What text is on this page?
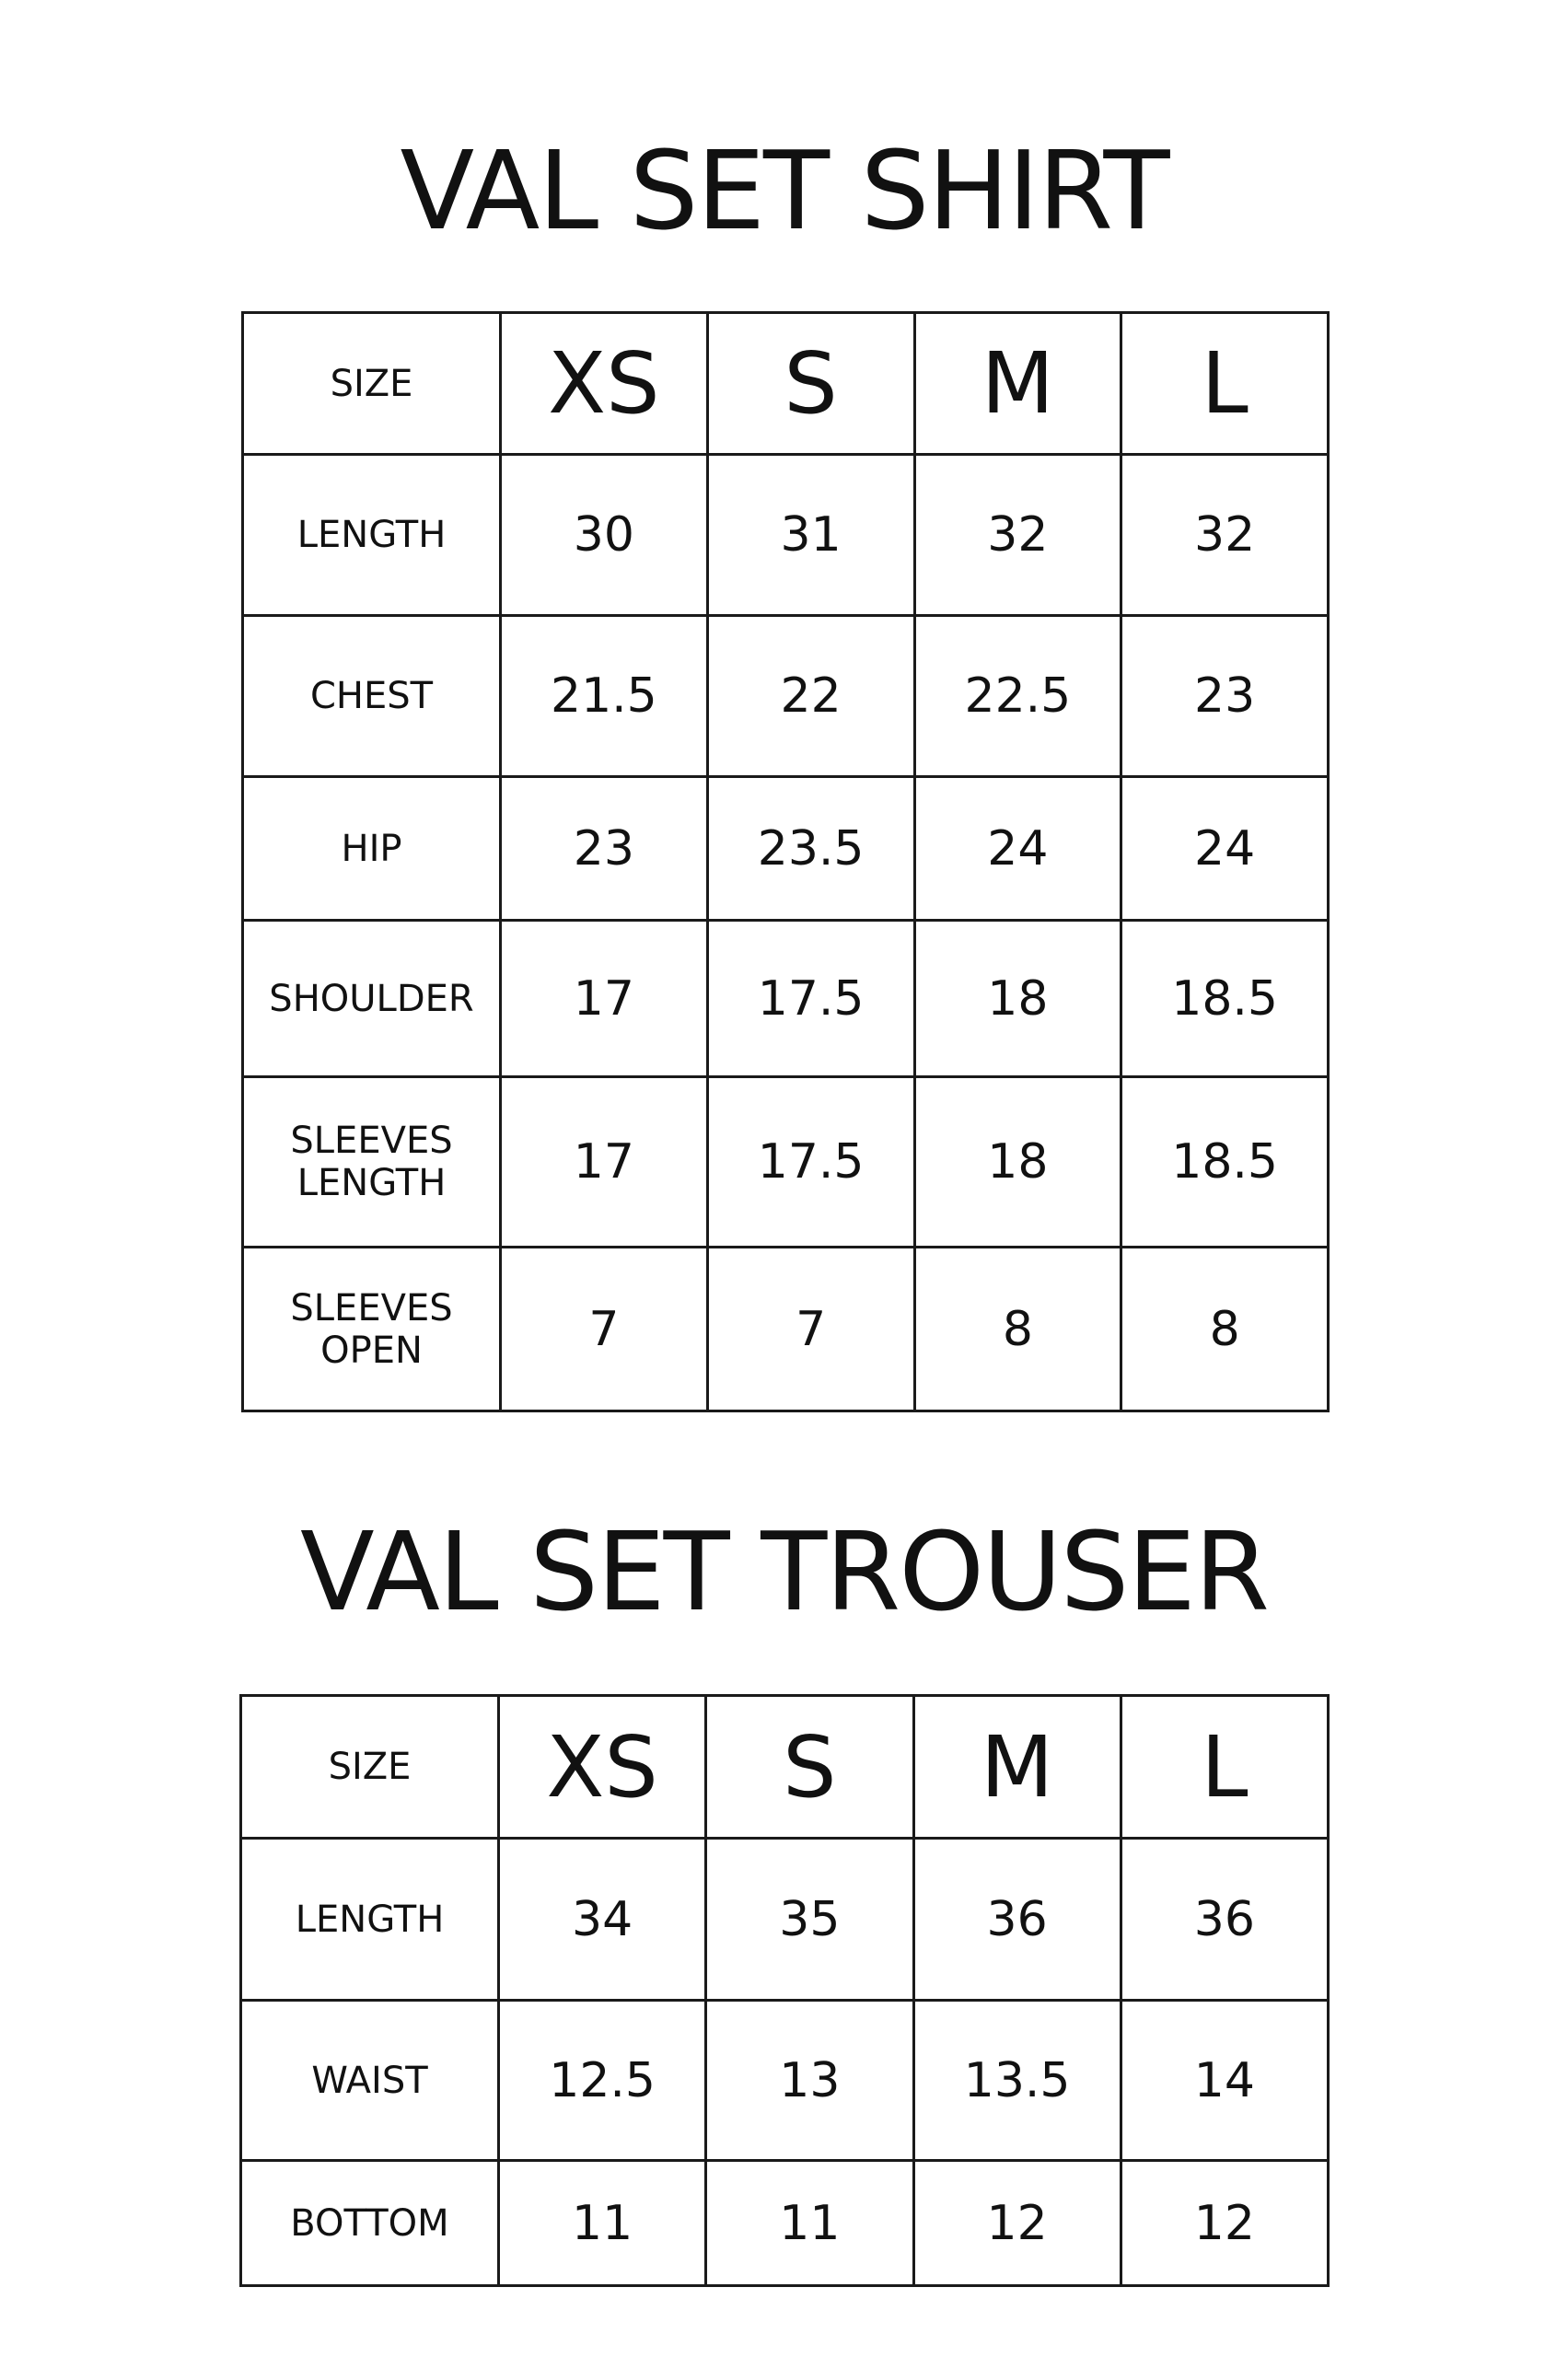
VAL SET SHIRT
SIZE	XS	S	M	L
LENGTH	30	31	32	32
CHEST	21.5	22	22.5	23
HIP	23	23.5	24	24
SHOULDER	17	17.5	18	18.5
SLEEVES
LENGTH	17	17.5	18	18.5
SLEEVES
OPEN	7	7	8	8
VAL SET TROUSER
SIZE	XS	S	M	L
LENGTH	34	35	36	36
WAIST	12.5	13	13.5	14
BOTTOM	11	11	12	12
